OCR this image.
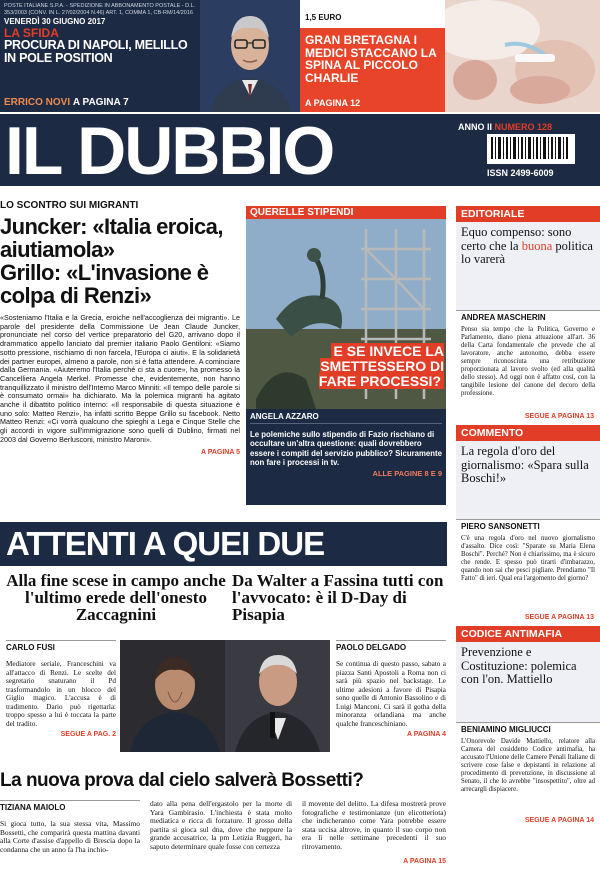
POSTE ITALIANE S.P.A. - SPEDIZIONE IN ABBONAMENTO POSTALE - D.L. 353/2003 (CONV. IN L. 27/02/2004 N.46) ART. 1, COMMA 1, CB-RM/14/2016
VENERDÌ 30 GIUGNO 2017
LA SFIDA
PROCURA DI NAPOLI, MELILLO IN POLE POSITION
ERRICO NOVI A PAGINA 7
www. dubbio.news
1,5 EURO
GRAN BRETAGNA I MEDICI STACCANO LA SPINA AL PICCOLO CHARLIE
A PAGINA 12
IL DUBBIO	ANNO II NUMERO 128
ISSN 2499-6009
LO SCONTRO SUI MIGRANTI
Juncker: «Italia eroica, aiutiamola»
Grillo: «L'invasione è colpa di Renzi»
«Sosteniamo l'Italia e la Grecia, eroiche nell'accoglienza dei migranti». Le parole del presidente della Commissione Ue Jean Claude Juncker, pronunciate nel corso del vertice preparatorio del G20, arrivano dopo il drammatico appello lanciato dal premier italiano Paolo Gentiloni: «Siamo sotto pressione, rischiamo di non farcela, l'Europa ci aiuti». E la solidarietà dei partner europei, almeno a parole, non si è fatta attendere. A cominciare dalla Germania. «Aiuteremo l'Italia perché ci sta a cuore», ha promesso la Cancelliera Angela Merkel. Promesse che, evidentemente, non hanno tranquillizzato il ministro dell'Interno Marco Minniti: «Il tempo delle parole si è consumato ormai» ha dichiarato. Ma la polemica migranti ha agitato anche il dibattito politico interno: «Il responsabile di questa situazione è uno solo: Matteo Renzi», ha infatti scritto Beppe Grillo su facebook. Netto Matteo Renzi: «Ci vorrà qualcuno che spieghi a Lega e Cinque Stelle che gli accordi in vigore sull'immigrazione sono quelli di Dublino, firmati nel 2003 dal Governo Berlusconi, ministro Maroni».
A PAGINA 5
QUERELLE STIPENDI
E SE INVECE LA SMETTESSERO DI FARE PROCESSI?
ANGELA AZZARO
Le polemiche sullo stipendio di Fazio rischiano di occultare un'altra questione: quali dovrebbero essere i compiti del servizio pubblico? Sicuramente non fare i processi in tv.
ALLE PAGINE 8 E 9
EDITORIALE
Equo compenso: sono certo che la buona politica lo varerà
ANDREA MASCHERIN
Penso sia tempo che la Politica, Governo e Parlamento, diano piena attuazione all'art. 36 della Carta fondamentale che prevede che al lavoratore, anche autonomo, debba essere sempre riconosciuta una retribuzione proporzionata al lavoro svolto (ed alla qualità dello stesso). Ad oggi non è affatto così, con la tangibile lesione del canone del decoro della professione.
SEGUE A PAGINA 13
COMMENTO
La regola d'oro del giornalismo: «Spara sulla Boschi!»
PIERO SANSONETTI
C'è una regola d'oro nel nuovo giornalismo d'assalto. Dice così: "Sparate su Maria Elena Boschi". Perché? Non è chiarissimo, ma è sicuro che rende. E spesso può tirarti d'imbarazzo, quando non sai che pesci pigliare. Prendiamo "Il Fatto" di ieri. Qual era l'argomento del giorno?
SEGUE A PAGINA 13
CODICE ANTIMAFIA
Prevenzione e Costituzione: polemica con l'on. Mattiello
BENIAMINO MIGLIUCCI
L'Onorevole Davide Mattiello, relatore alla Camera del cosiddetto Codice antimafia, ha accusato l'Unione delle Camere Penali Italiane di scrivere cose false e depistanti in relazione al procedimento di prevenzione, in discussione al Senato, il che lo avrebbe "insospettito", oltre ad arrecargli dispiacere.
SEGUE A PAGINA 14
ATTENTI A QUEI DUE
Alla fine scese in campo anche l'ultimo erede dell'onesto Zaccagnini
Da Walter a Fassina tutti con l'avvocato: è il D-Day di Pisapia
CARLO FUSI
Mediatore seriale, Franceschini va all'attacco di Renzi. Le scelte del segretario snaturano il Pd trasformandolo in un blocco del Giglio magico. L'accusa è di tradimento. Dario può rigettarla: troppo spesso a lui è toccata la parte del tradito.
SEGUE A PAG. 2
PAOLO DELGADO
Se continua di questo passo, sabato a piazza Santi Apostoli a Roma non ci sarà più spazio nel backstage. Le ultime adesioni a favore di Pisapia sono quelle di Antonio Bassolino e di Luigi Manconi. Ci sarà il gotha della minoranza orlandiana ma anche qualche franceschiniano.
A PAGINA 4
La nuova prova dal cielo salverà Bossetti?
TIZIANA MAIOLO
Si gioca tutto, la sua stessa vita, Massimo Bossetti, che comparirà questa mattina davanti alla Corte d'assise d'appello di Brescia dopo la condanna che un anno fa l'ha inchio-
dato alla pena dell'ergastolo per la morte di Yara Gambirasio. L'inchiesta è stata molto mediatica e ricca di forzature. Il grosso della partita si gioca sul dna, dove che neppure la grande accusatrice, la pm Letizia Ruggeri, ha saputo determinare quale fosse con certezza
il movente del delitto. La difesa mostrerà prove fotografiche e testimonianze (un elicotteriota) che indicheranno come Yara potrebbe essere stata uccisa altrove, in quanto il suo corpo non era lì nelle settimane precedenti il suo ritrovamento.
A PAGINA 15
